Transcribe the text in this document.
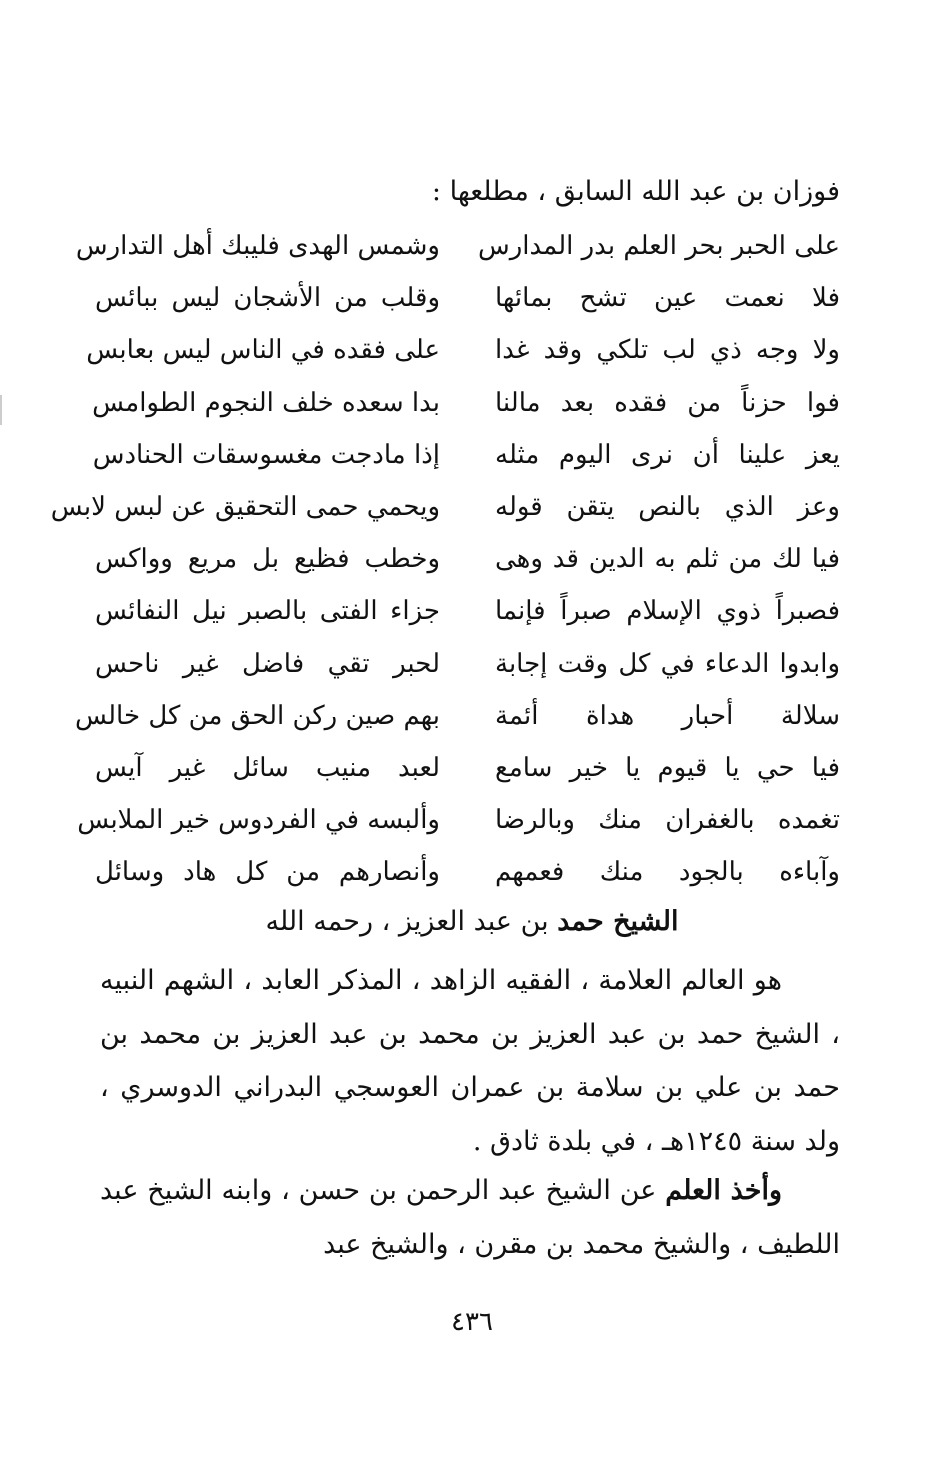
فوزان بن عبد الله السابق ، مطلعها :
على الحبر بحر العلم بدر المدارس
وشمس الهدى فليبك أهل التدارس
فلا نعمت عين تشح بمائها
وقلب من الأشجان ليس ببائس
ولا وجه ذي لب تلكي وقد غدا
على فقده في الناس ليس بعابس
فوا حزناً من فقده بعد مالنا
بدا سعده خلف النجوم الطوامس
يعز علينا أن نرى اليوم مثله
إذا مادجت مغسوسقات الحنادس
وعز الذي بالنص يتقن قوله
ويحمي حمى التحقيق عن لبس لابس
فيا لك من ثلم به الدين قد وهى
وخطب فظيع بل مريع وواكس
فصبراً ذوي الإسلام صبراً فإنما
جزاء الفتى بالصبر نيل النفائس
وابدوا الدعاء في كل وقت إجابة
لحبر تقي فاضل غير ناحس
سلالة أحبار هداة أئمة
بهم صين ركن الحق من كل خالس
فيا حي يا قيوم يا خير سامع
لعبد منيب سائل غير آيس
تغمده بالغفران منك وبالرضا
وألبسه في الفردوس خير الملابس
وآباءه بالجود منك فعمهم
وأنصارهم من كل هاد وسائل
الشيخ حمد بن عبد العزيز ، رحمه الله
هو العالم العلامة ، الفقيه الزاهد ، المذكر العابد ، الشهم النبيه ، الشيخ حمد بن عبد العزيز بن محمد بن عبد العزيز بن محمد بن حمد بن علي بن سلامة بن عمران العوسجي البدراني الدوسري ، ولد سنة ١٢٤٥هـ ، في بلدة ثادق .
وأخذ العلم عن الشيخ عبد الرحمن بن حسن ، وابنه الشيخ عبد اللطيف ، والشيخ محمد بن مقرن ، والشيخ عبد
٤٣٦
